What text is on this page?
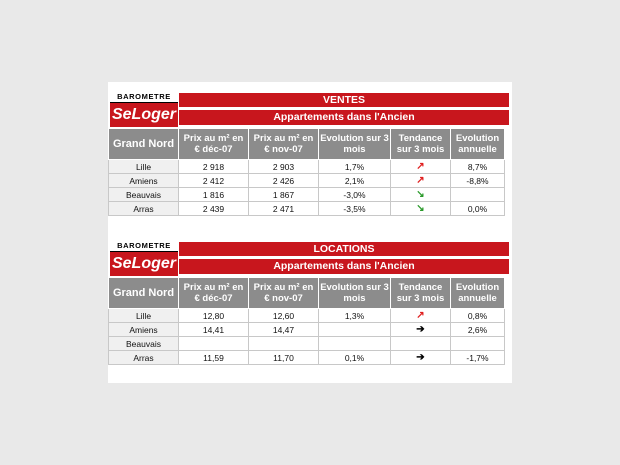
BAROMETRE
SeLoger
VENTES
Appartements dans l'Ancien
Grand Nord	Prix au m² en € déc-07	Prix au m² en € nov-07	Evolution sur 3 mois	Tendance sur 3 mois	Evolution annuelle
Lille	2 918	2 903	1,7%	↗	8,7%
Amiens	2 412	2 426	2,1%	↗	-8,8%
Beauvais	1 816	1 867	-3,0%	↘	
Arras	2 439	2 471	-3,5%	↘	0,0%
BAROMETRE
SeLoger
LOCATIONS
Appartements dans l'Ancien
Grand Nord	Prix au m² en € déc-07	Prix au m² en € nov-07	Evolution sur 3 mois	Tendance sur 3 mois	Evolution annuelle
Lille	12,80	12,60	1,3%	↗	0,8%
Amiens	14,41	14,47		➔	2,6%
Beauvais					
Arras	11,59	11,70	0,1%	➔	-1,7%
